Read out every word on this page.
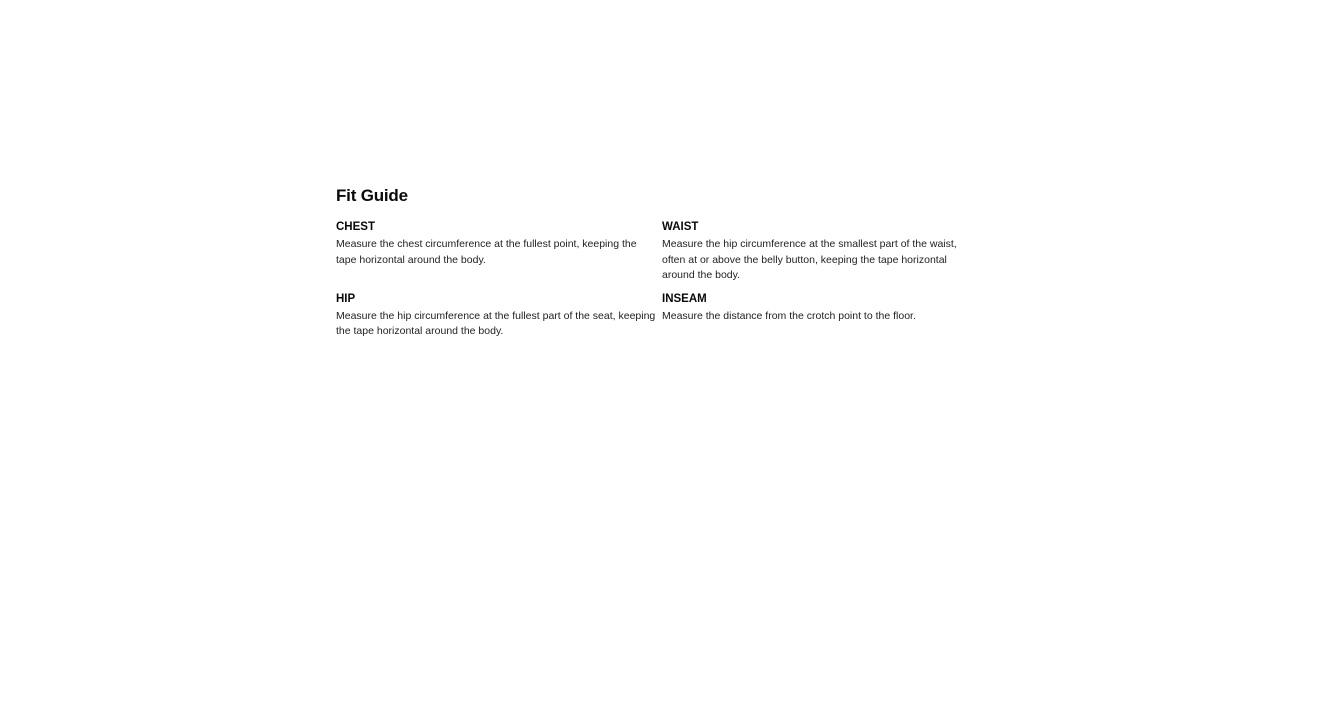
Fit Guide
CHEST

Measure the chest circumference at the fullest point, keeping the tape horizontal around the body.

WAIST

Measure the hip circumference at the smallest part of the waist, often at or above the belly button, keeping the tape horizontal around the body.

HIP

Measure the hip circumference at the fullest part of the seat, keeping the tape horizontal around the body.

INSEAM

Measure the distance from the crotch point to the floor.
